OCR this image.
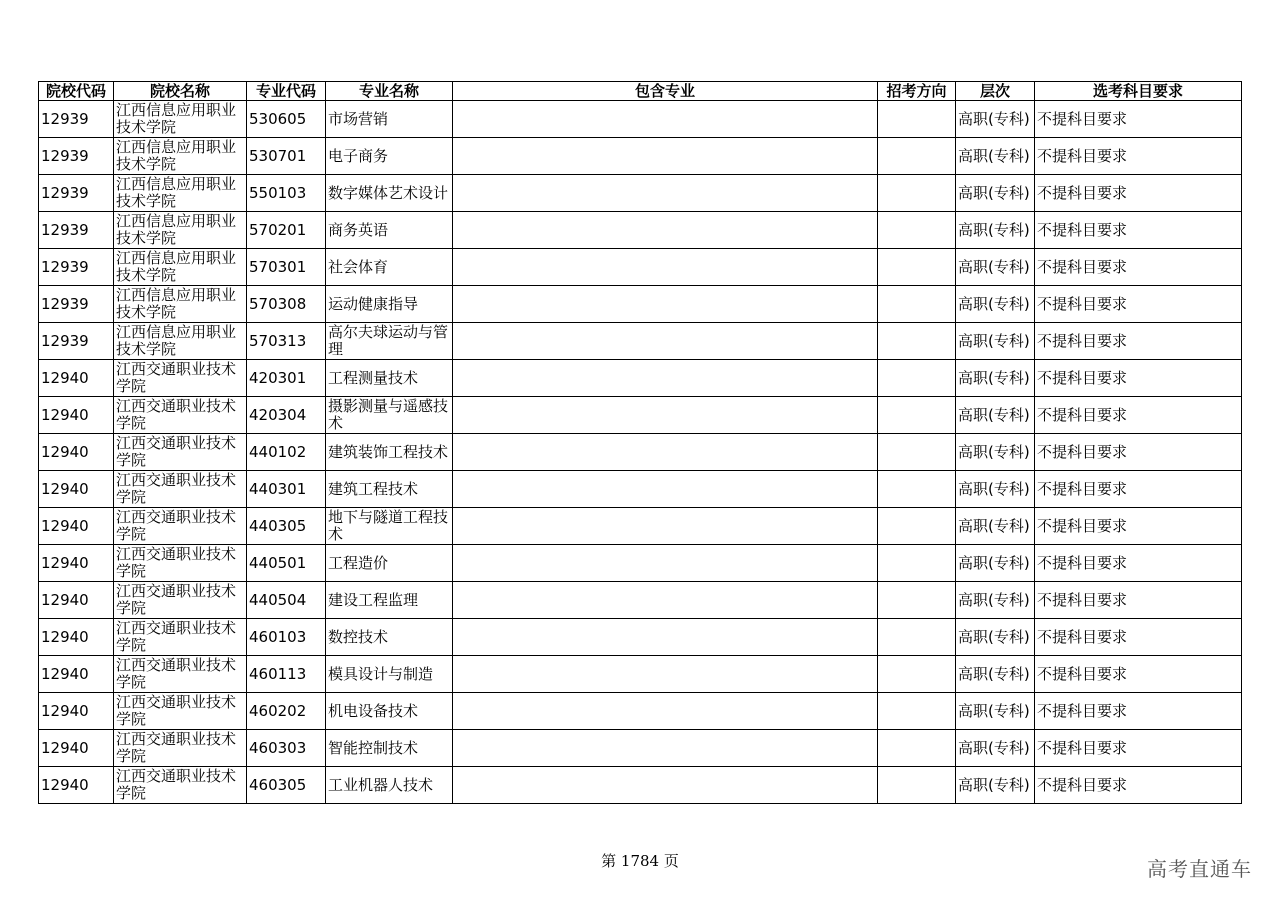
院校代码	院校名称	专业代码	专业名称	包含专业	招考方向	层次	选考科目要求
12939	江西信息应用职业技术学院	530605	市场营销			高职(专科)	不提科目要求
12939	江西信息应用职业技术学院	530701	电子商务			高职(专科)	不提科目要求
12939	江西信息应用职业技术学院	550103	数字媒体艺术设计			高职(专科)	不提科目要求
12939	江西信息应用职业技术学院	570201	商务英语			高职(专科)	不提科目要求
12939	江西信息应用职业技术学院	570301	社会体育			高职(专科)	不提科目要求
12939	江西信息应用职业技术学院	570308	运动健康指导			高职(专科)	不提科目要求
12939	江西信息应用职业技术学院	570313	高尔夫球运动与管理			高职(专科)	不提科目要求
12940	江西交通职业技术学院	420301	工程测量技术			高职(专科)	不提科目要求
12940	江西交通职业技术学院	420304	摄影测量与遥感技术			高职(专科)	不提科目要求
12940	江西交通职业技术学院	440102	建筑装饰工程技术			高职(专科)	不提科目要求
12940	江西交通职业技术学院	440301	建筑工程技术			高职(专科)	不提科目要求
12940	江西交通职业技术学院	440305	地下与隧道工程技术			高职(专科)	不提科目要求
12940	江西交通职业技术学院	440501	工程造价			高职(专科)	不提科目要求
12940	江西交通职业技术学院	440504	建设工程监理			高职(专科)	不提科目要求
12940	江西交通职业技术学院	460103	数控技术			高职(专科)	不提科目要求
12940	江西交通职业技术学院	460113	模具设计与制造			高职(专科)	不提科目要求
12940	江西交通职业技术学院	460202	机电设备技术			高职(专科)	不提科目要求
12940	江西交通职业技术学院	460303	智能控制技术			高职(专科)	不提科目要求
12940	江西交通职业技术学院	460305	工业机器人技术			高职(专科)	不提科目要求
第 1784 页	高考直通车
